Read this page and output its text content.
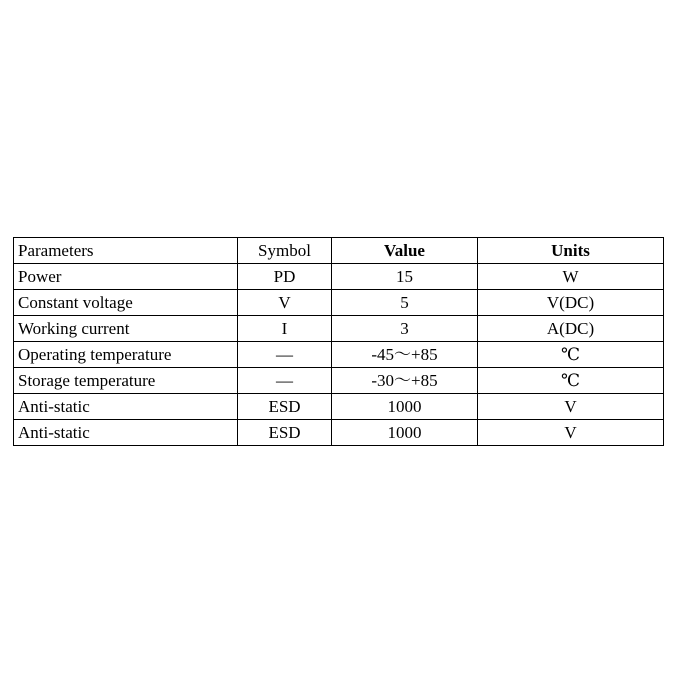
Parameters	Symbol	Value	Units
Power	PD	15	W
Constant voltage	V	5	V(DC)
Working current	I	3	A(DC)
Operating temperature	—	-45～+85	℃
Storage temperature	—	-30～+85	℃
Anti-static	ESD	1000	V
Anti-static	ESD	1000	V
